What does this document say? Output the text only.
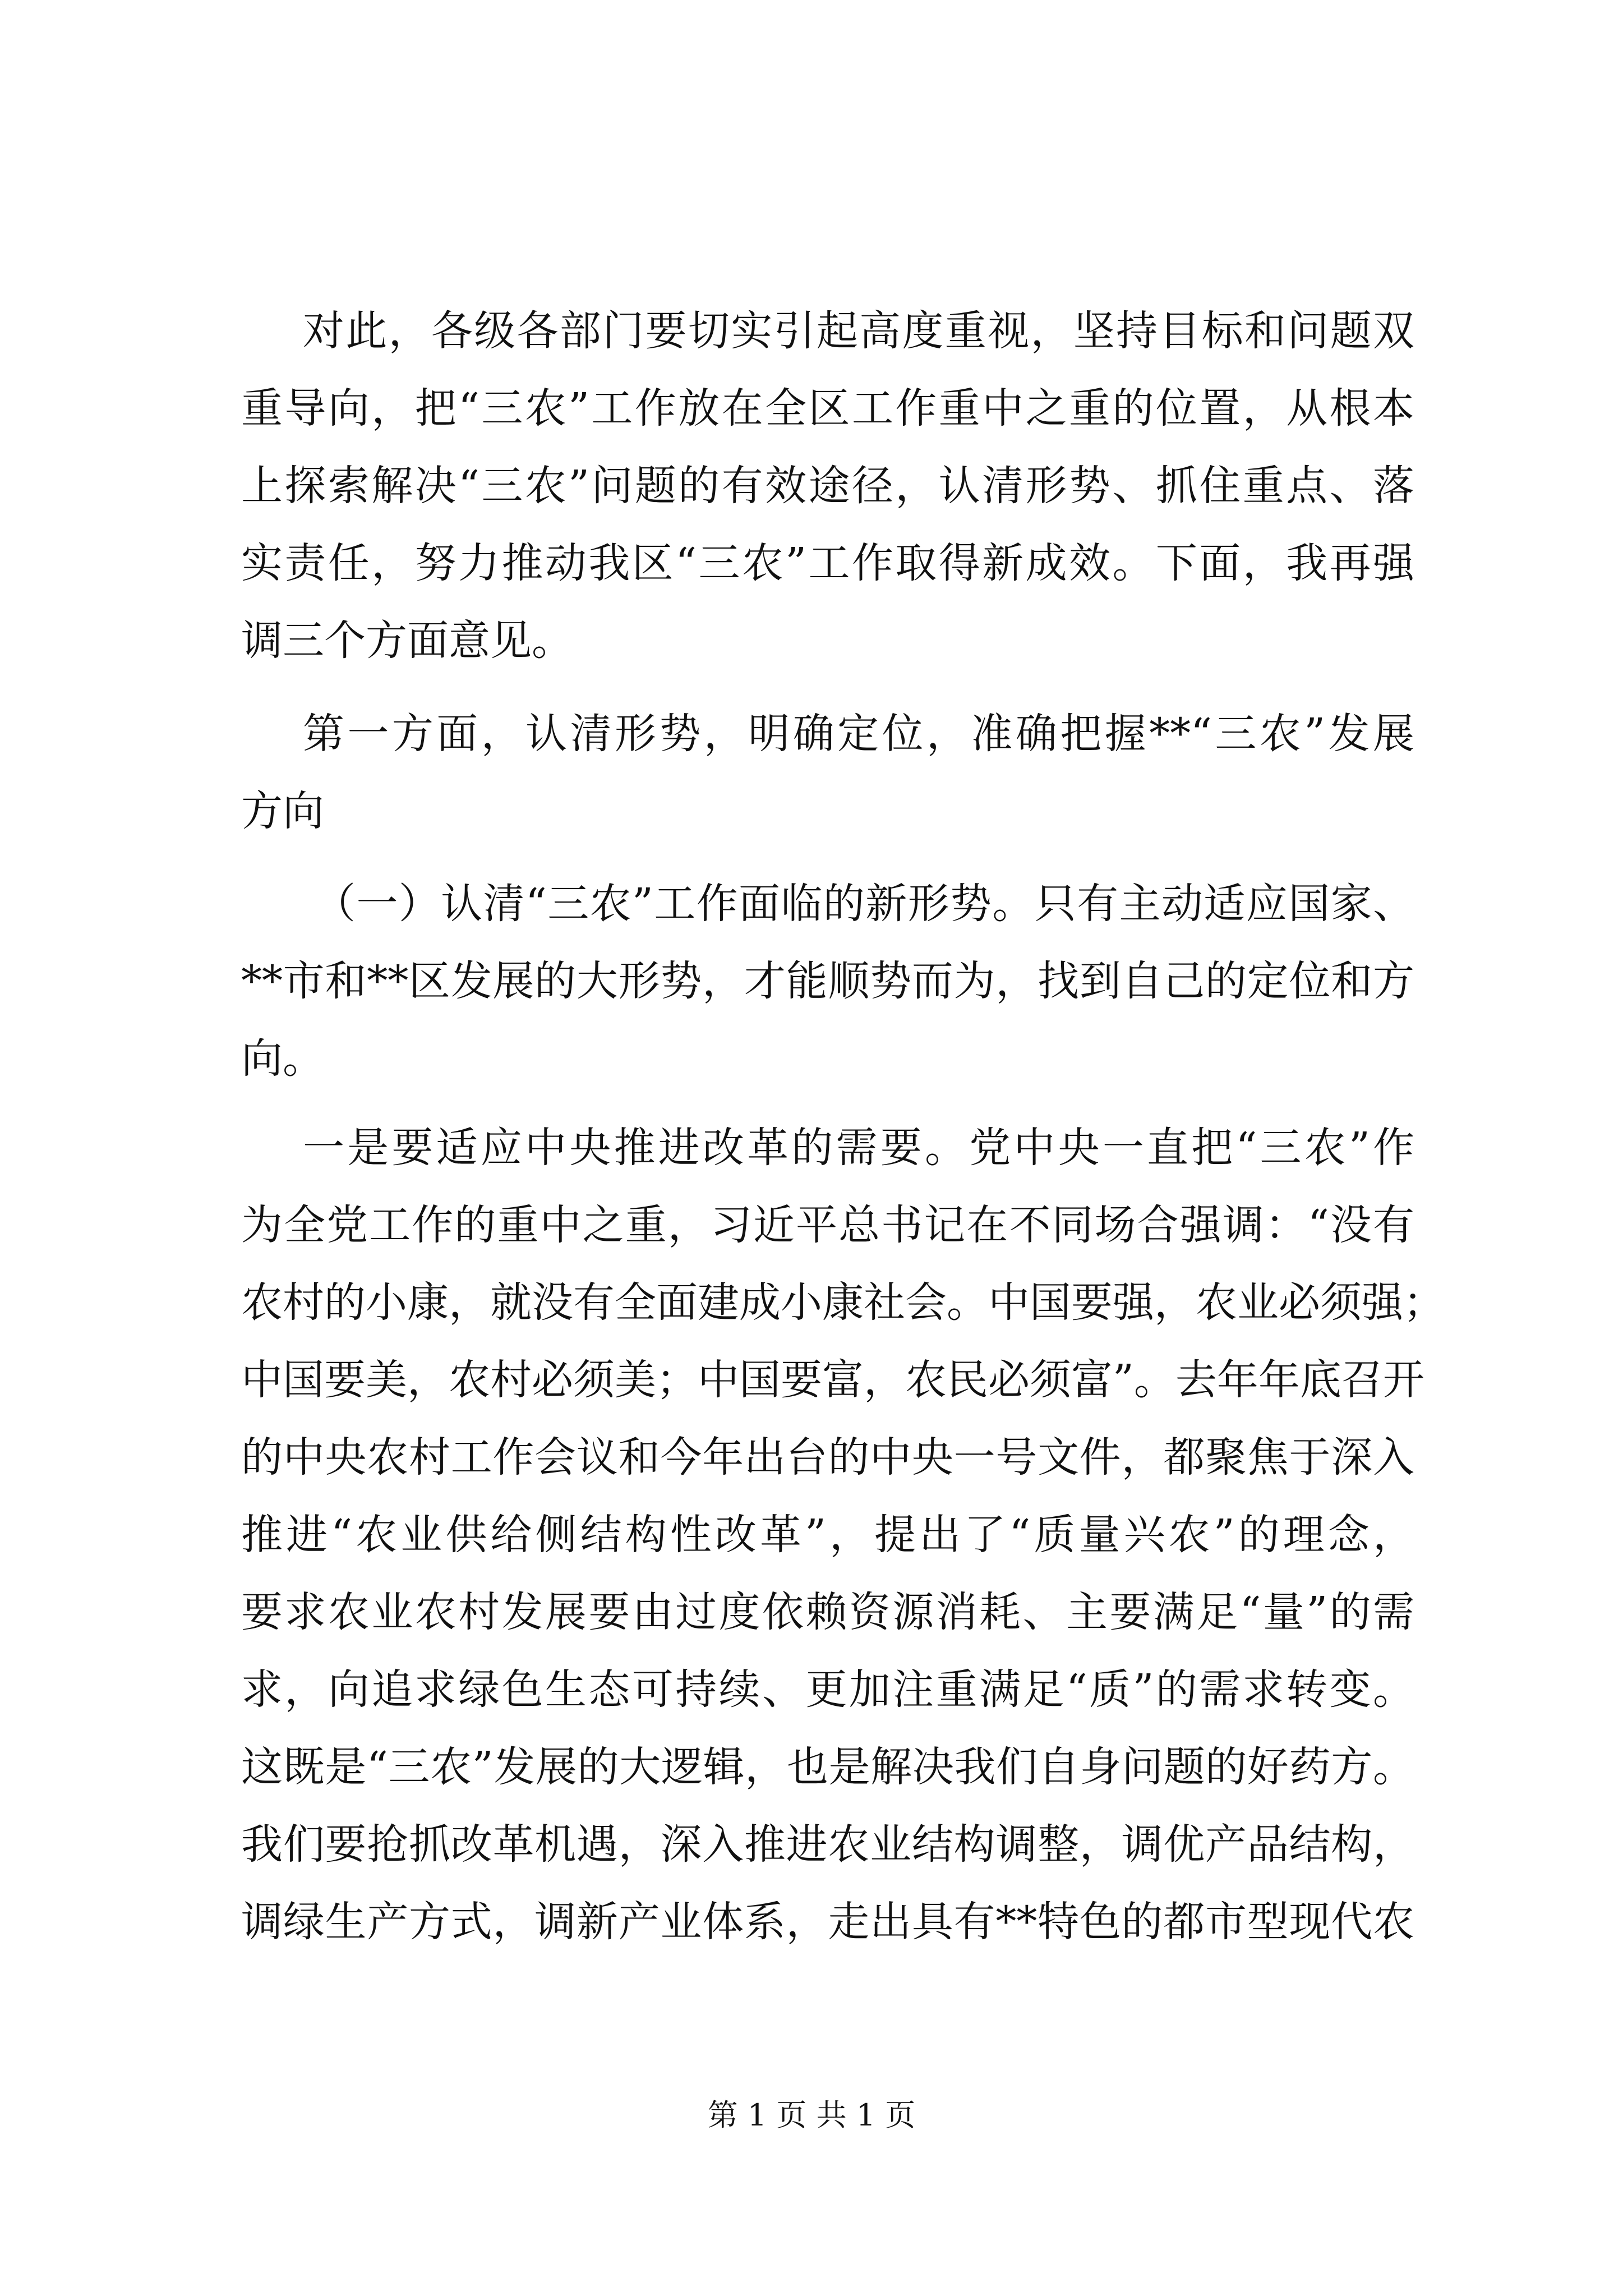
对此，各级各部门要切实引起高度重视，坚持目标和问题双
重导向，把“三农”工作放在全区工作重中之重的位置，从根本
上探索解决“三农”问题的有效途径，认清形势、抓住重点、落
实责任，努力推动我区“三农”工作取得新成效。下面，我再强
调三个方面意见。
第一方面，认清形势，明确定位，准确把握**“三农”发展
方向
（一）认清“三农”工作面临的新形势。只有主动适应国家、
**市和**区发展的大形势，才能顺势而为，找到自己的定位和方
向。
一是要适应中央推进改革的需要。党中央一直把“三农”作
为全党工作的重中之重，习近平总书记在不同场合强调：“没有
农村的小康，就没有全面建成小康社会。中国要强，农业必须强；
中国要美，农村必须美；中国要富，农民必须富”。去年年底召开
的中央农村工作会议和今年出台的中央一号文件，都聚焦于深入
推进“农业供给侧结构性改革”，提出了“质量兴农”的理念，
要求农业农村发展要由过度依赖资源消耗、主要满足“量”的需
求，向追求绿色生态可持续、更加注重满足“质”的需求转变。
这既是“三农”发展的大逻辑，也是解决我们自身问题的好药方。
我们要抢抓改革机遇，深入推进农业结构调整，调优产品结构，
调绿生产方式，调新产业体系，走出具有**特色的都市型现代农
第 1 页 共 1 页
